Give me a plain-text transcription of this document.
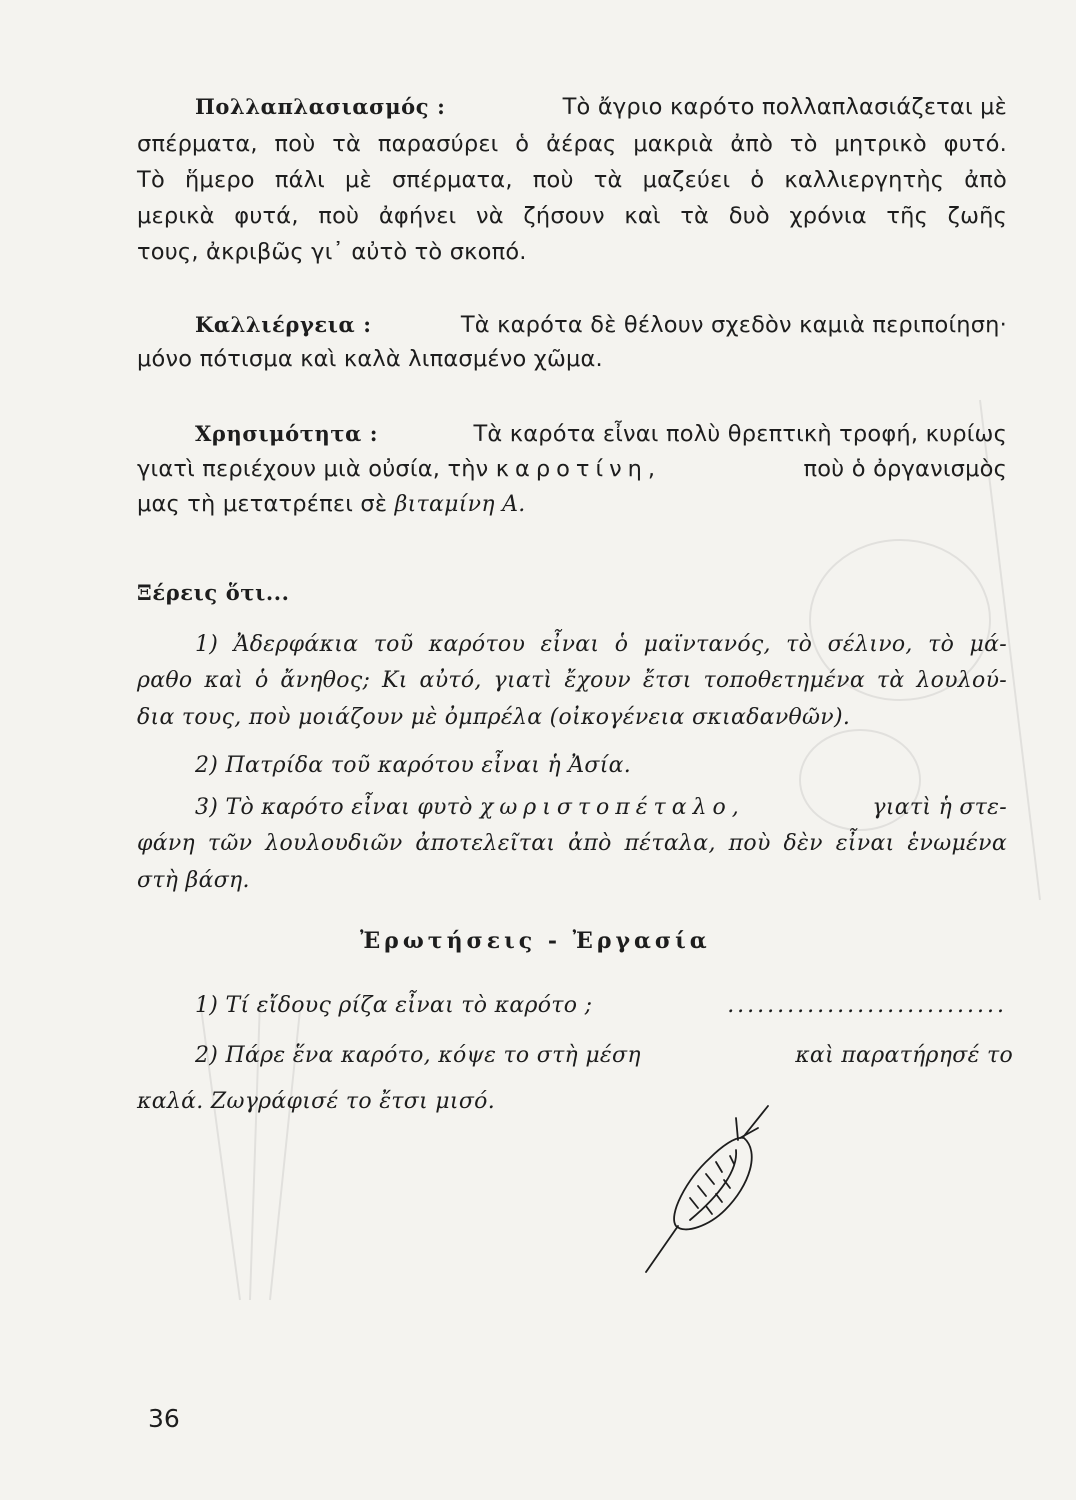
Πολλαπλασιασμός :	Τὸ ἄγριο καρότο πολλαπλασιάζεται μὲ
σπέρματα, ποὺ τὰ παρασύρει ὁ ἀέρας μακριὰ ἀπὸ τὸ μητρικὸ φυτό.
Τὸ ἥμερο πάλι μὲ σπέρματα, ποὺ τὰ μαζεύει ὁ καλλιεργητὴς ἀπὸ
μερικὰ φυτά, ποὺ ἀφήνει νὰ ζήσουν καὶ τὰ δυὸ χρόνια τῆς ζωῆς
τους, ἀκριβῶς γι᾽ αὐτὸ τὸ σκοπό.
Καλλιέργεια :	Τὰ καρότα δὲ θέλουν σχεδὸν καμιὰ περιποίηση·
μόνο πότισμα καὶ καλὰ λιπασμένο χῶμα.
Χρησιμότητα :	Τὰ καρότα εἶναι πολὺ θρεπτικὴ τροφή, κυρίως
γιατὶ περιέχουν μιὰ οὐσία, τὴν καροτίνη,	ποὺ ὁ ὀργανισμὸς
μας τὴ μετατρέπει σὲ βιταμίνη Α.
Ξέρεις ὅτι...
1) Ἀδερφάκια τοῦ καρότου εἶναι ὁ μαϊντανός, τὸ σέλινο, τὸ μά-
ραθο καὶ ὁ ἄνηθος; Κι αὐτό, γιατὶ ἔχουν ἔτσι τοποθετημένα τὰ λουλού-
δια τους, ποὺ μοιάζουν μὲ ὀμπρέλα (οἰκογένεια σκιαδανθῶν).
2) Πατρίδα τοῦ καρότου εἶναι ἡ Ἀσία.
3) Τὸ καρότο εἶναι φυτὸ χωριστοπέταλο,	γιατὶ ἡ στε-
φάνη τῶν λουλουδιῶν ἀποτελεῖται ἀπὸ πέταλα, ποὺ δὲν εἶναι ἑνωμένα
στὴ βάση.
Ἐρωτήσεις - Ἐργασία
1) Τί εἴδους ρίζα εἶναι τὸ καρότο ;	............................
2) Πάρε ἕνα καρότο, κόψε το στὴ μέση	καὶ παρατήρησέ το
καλά. Ζωγράφισέ το ἔτσι μισό.
36
